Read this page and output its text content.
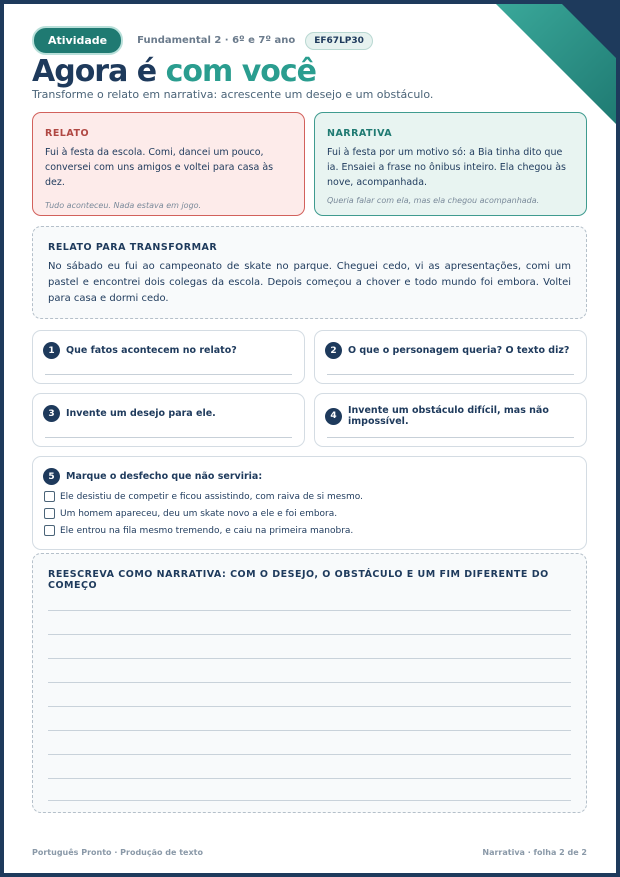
Atividade	Fundamental 2 · 6º e 7º ano	EF67LP30
Agora é com você
Transforme o relato em narrativa: acrescente um desejo e um obstáculo.
RELATO
Fui à festa da escola. Comi, dancei um pouco, conversei com uns amigos e voltei para casa às dez.
Tudo aconteceu. Nada estava em jogo.
NARRATIVA
Fui à festa por um motivo só: a Bia tinha dito que ia. Ensaiei a frase no ônibus inteiro. Ela chegou às nove, acompanhada.
Queria falar com ela, mas ela chegou acompanhada.
RELATO PARA TRANSFORMAR
No sábado eu fui ao campeonato de skate no parque. Cheguei cedo, vi as apresentações, comi um pastel e encontrei dois colegas da escola. Depois começou a chover e todo mundo foi embora. Voltei para casa e dormi cedo.
1	Que fatos acontecem no relato?	2	O que o personagem queria? O texto diz?
3	Invente um desejo para ele.	4	Invente um obstáculo difícil, mas não impossível.
5	Marque o desfecho que não serviria:
Ele desistiu de competir e ficou assistindo, com raiva de si mesmo.
Um homem apareceu, deu um skate novo a ele e foi embora.
Ele entrou na fila mesmo tremendo, e caiu na primeira manobra.
REESCREVA COMO NARRATIVA: COM O DESEJO, O OBSTÁCULO E UM FIM DIFERENTE DO COMEÇO
Português Pronto · Produção de texto	Narrativa · folha 2 de 2
